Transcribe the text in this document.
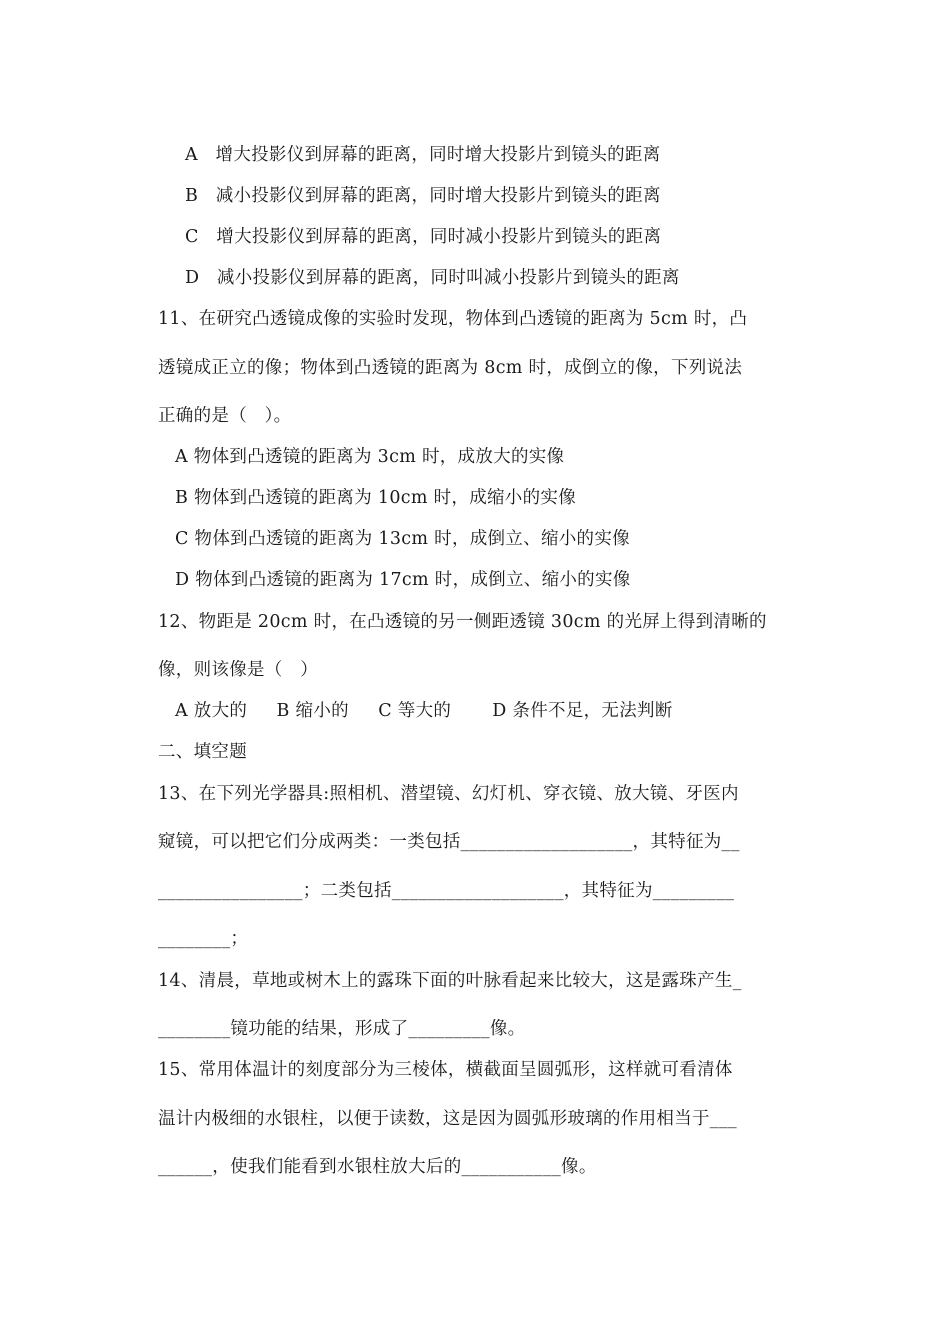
A   增大投影仪到屏幕的距离，同时增大投影片到镜头的距离
B   减小投影仪到屏幕的距离，同时增大投影片到镜头的距离
C   增大投影仪到屏幕的距离，同时减小投影片到镜头的距离
D   减小投影仪到屏幕的距离，同时叫减小投影片到镜头的距离
11、在研究凸透镜成像的实验时发现，物体到凸透镜的距离为 5cm 时，凸
透镜成正立的像；物体到凸透镜的距离为 8cm 时，成倒立的像，下列说法
正确的是（   ）。
A 物体到凸透镜的距离为 3cm 时，成放大的实像
B 物体到凸透镜的距离为 10cm 时，成缩小的实像
C 物体到凸透镜的距离为 13cm 时，成倒立、缩小的实像
D 物体到凸透镜的距离为 17cm 时，成倒立、缩小的实像
12、物距是 20cm 时，在凸透镜的另一侧距透镜 30cm 的光屏上得到清晰的
像，则该像是（   ）
A 放大的     B 缩小的     C 等大的       D 条件不足，无法判断
二、填空题
13、在下列光学器具:照相机、潜望镜、幻灯机、穿衣镜、放大镜、牙医内
窥镜，可以把它们分成两类：一类包括___________________，其特征为__
________________；二类包括___________________，其特征为_________
________；
14、清晨，草地或树木上的露珠下面的叶脉看起来比较大，这是露珠产生_
________镜功能的结果，形成了_________像。
15、常用体温计的刻度部分为三棱体，横截面呈圆弧形，这样就可看清体
温计内极细的水银柱，以便于读数，这是因为圆弧形玻璃的作用相当于___
______，使我们能看到水银柱放大后的___________像。
